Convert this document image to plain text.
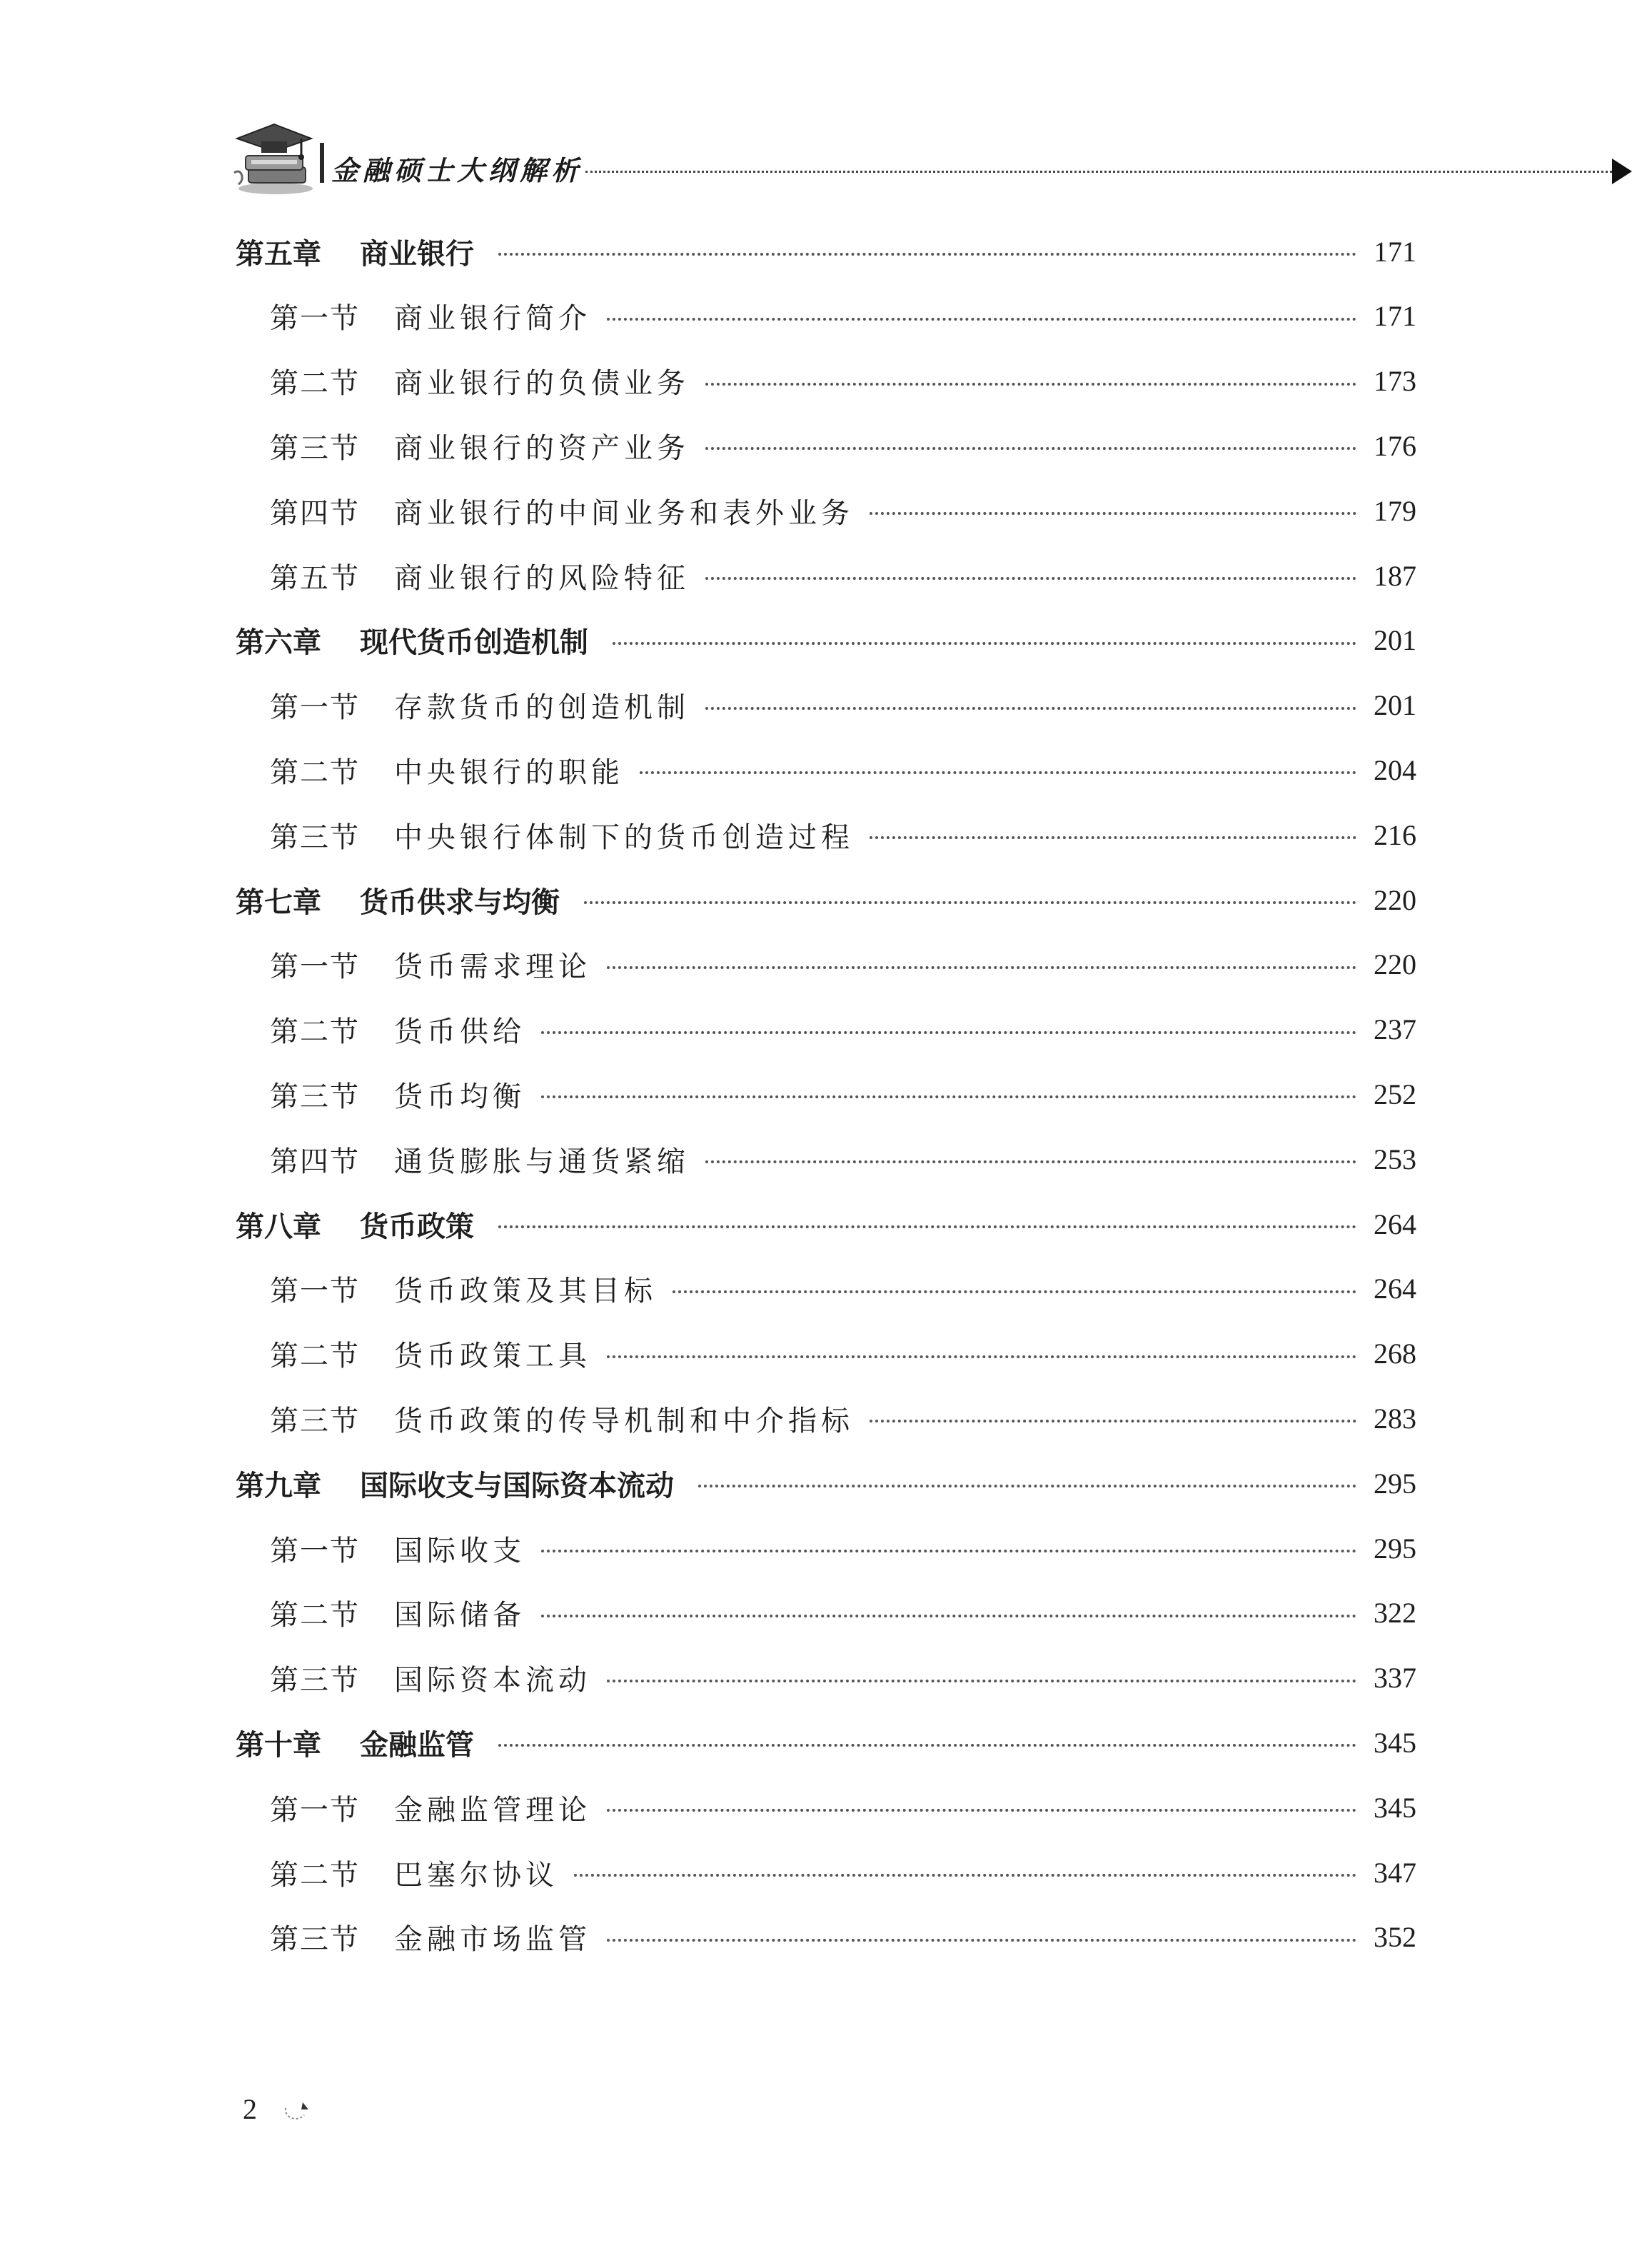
金融硕士大纲解析
第五章	商业银行	171
第一节	商业银行简介	171
第二节	商业银行的负债业务	173
第三节	商业银行的资产业务	176
第四节	商业银行的中间业务和表外业务	179
第五节	商业银行的风险特征	187
第六章	现代货币创造机制	201
第一节	存款货币的创造机制	201
第二节	中央银行的职能	204
第三节	中央银行体制下的货币创造过程	216
第七章	货币供求与均衡	220
第一节	货币需求理论	220
第二节	货币供给	237
第三节	货币均衡	252
第四节	通货膨胀与通货紧缩	253
第八章	货币政策	264
第一节	货币政策及其目标	264
第二节	货币政策工具	268
第三节	货币政策的传导机制和中介指标	283
第九章	国际收支与国际资本流动	295
第一节	国际收支	295
第二节	国际储备	322
第三节	国际资本流动	337
第十章	金融监管	345
第一节	金融监管理论	345
第二节	巴塞尔协议	347
第三节	金融市场监管	352
2
